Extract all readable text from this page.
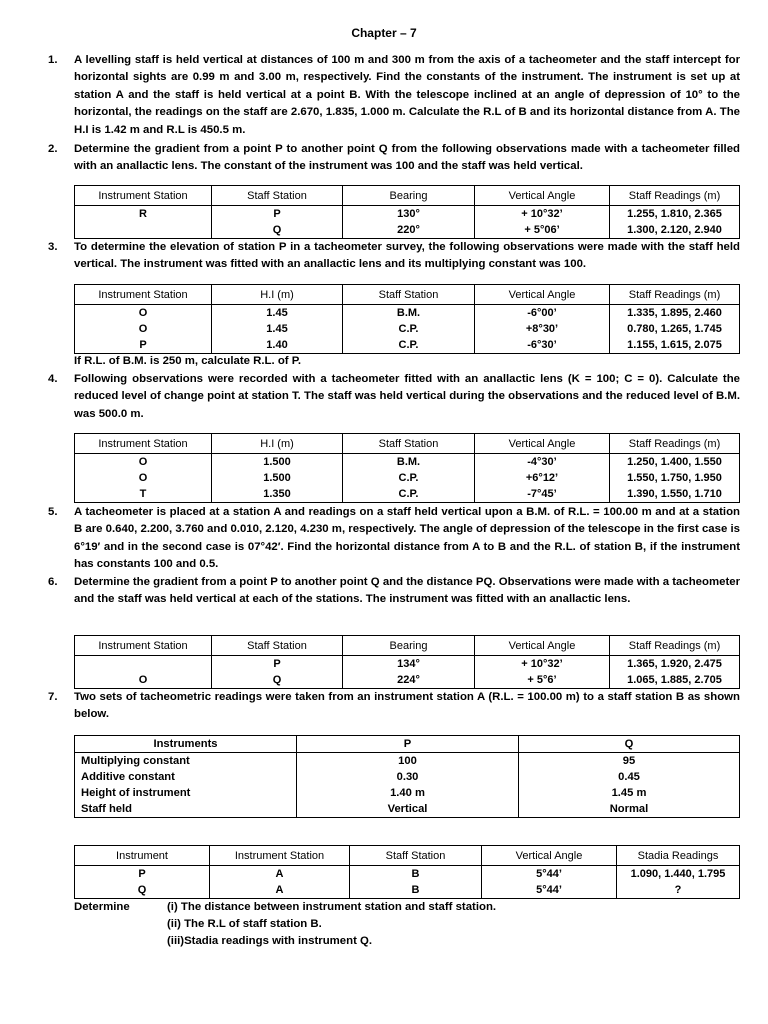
Chapter – 7
1. A levelling staff is held vertical at distances of 100 m and 300 m from the axis of a tacheometer and the staff intercept for horizontal sights are 0.99 m and 3.00 m, respectively. Find the constants of the instrument. The instrument is set up at station A and the staff is held vertical at a point B. With the telescope inclined at an angle of depression of 10° to the horizontal, the readings on the staff are 2.670, 1.835, 1.000 m. Calculate the R.L of B and its horizontal distance from A. The H.I is 1.42 m and R.L is 450.5 m.
2. Determine the gradient from a point P to another point Q from the following observations made with a tacheometer filled with an anallactic lens. The constant of the instrument was 100 and the staff was held vertical.
Instrument Station	Staff Station	Bearing	Vertical Angle	Staff Readings (m)
R	P	130°	+ 10°32’	1.255, 1.810, 2.365
	Q	220°	+ 5°06’	1.300, 2.120, 2.940
3. To determine the elevation of station P in a tacheometer survey, the following observations were made with the staff held vertical. The instrument was fitted with an anallactic lens and its multiplying constant was 100.
Instrument Station	H.I (m)	Staff Station	Vertical Angle	Staff Readings (m)
O	1.45	B.M.	-6°00’	1.335, 1.895, 2.460
O	1.45	C.P.	+8°30’	0.780, 1.265, 1.745
P	1.40	C.P.	-6°30’	1.155, 1.615, 2.075
If R.L. of B.M. is 250 m, calculate R.L. of P.
4. Following observations were recorded with a tacheometer fitted with an anallactic lens (K = 100; C = 0). Calculate the reduced level of change point at station T. The staff was held vertical during the observations and the reduced level of B.M. was 500.0 m.
Instrument Station	H.I (m)	Staff Station	Vertical Angle	Staff Readings (m)
O	1.500	B.M.	-4°30’	1.250, 1.400, 1.550
O	1.500	C.P.	+6°12’	1.550, 1.750, 1.950
T	1.350	C.P.	-7°45’	1.390, 1.550, 1.710
5. A tacheometer is placed at a station A and readings on a staff held vertical upon a B.M. of R.L. = 100.00 m and at a station B are 0.640, 2.200, 3.760 and 0.010, 2.120, 4.230 m, respectively. The angle of depression of the telescope in the first case is 6°19′ and in the second case is 07°42′. Find the horizontal distance from A to B and the R.L. of station B, if the instrument has constants 100 and 0.5.
6. Determine the gradient from a point P to another point Q and the distance PQ. Observations were made with a tacheometer and the staff was held vertical at each of the stations. The instrument was fitted with an anallactic lens.
Instrument Station	Staff Station	Bearing	Vertical Angle	Staff Readings (m)
	P	134°	+ 10°32’	1.365, 1.920, 2.475
O	Q	224°	+ 5°6’	1.065, 1.885, 2.705
7. Two sets of tacheometric readings were taken from an instrument station A (R.L. = 100.00 m) to a staff station B as shown below.
Instruments	P	Q
Multiplying constant	100	95
Additive constant	0.30	0.45
Height of instrument	1.40 m	1.45 m
Staff held	Vertical	Normal
Instrument	Instrument Station	Staff Station	Vertical Angle	Stadia Readings
P	A	B	5°44’	1.090, 1.440, 1.795
Q	A	B	5°44’	?
Determine	(i) The distance between instrument station and staff station.
(ii) The R.L of staff station B.
(iii)Stadia readings with instrument Q.
